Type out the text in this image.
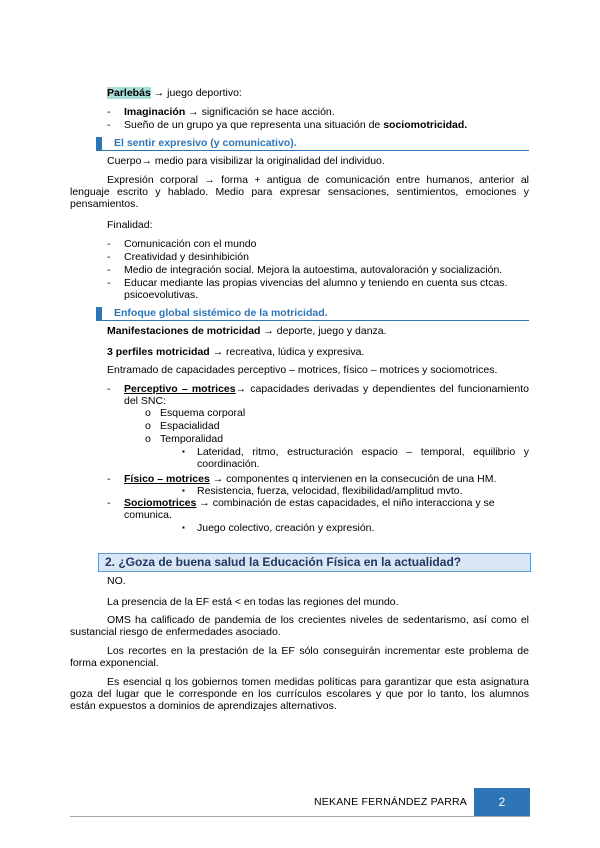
Parlebás → juego deportivo:
- Imaginación → significación se hace acción.
- Sueño de un grupo ya que representa una situación de sociomotricidad.
El sentir expresivo (y comunicativo).
Cuerpo→ medio para visibilizar la originalidad del individuo.
Expresión corporal → forma + antigua de comunicación entre humanos, anterior al lenguaje escrito y hablado. Medio para expresar sensaciones, sentimientos, emociones y pensamientos.
Finalidad:
- Comunicación con el mundo
- Creatividad y desinhibición
- Medio de integración social. Mejora la autoestima, autovaloración y socialización.
- Educar mediante las propias vivencias del alumno y teniendo en cuenta sus ctcas. psicoevolutivas.
Enfoque global sistémico de la motricidad.
Manifestaciones de motricidad → deporte, juego y danza.
3 perfiles motricidad → recreativa, lúdica y expresiva.
Entramado de capacidades perceptivo – motrices, físico – motrices y sociomotrices.
- Perceptivo – motrices→ capacidades derivadas y dependientes del funcionamiento del SNC:
o Esquema corporal
o Espacialidad
o Temporalidad
▪ Lateridad, ritmo, estructuración espacio – temporal, equilibrio y coordinación.
- Físico – motrices → componentes q intervienen en la consecución de una HM.
▪ Resistencia, fuerza, velocidad, flexibilidad/amplitud mvto.
- Sociomotrices → combinación de estas capacidades, el niño interacciona y se comunica.
▪ Juego colectivo, creación y expresión.
2. ¿Goza de buena salud la Educación Física en la actualidad?
NO.
La presencia de la EF está < en todas las regiones del mundo.
OMS ha calificado de pandemia de los crecientes niveles de sedentarismo, así como el sustancial riesgo de enfermedades asociado.
Los recortes en la prestación de la EF sólo conseguirán incrementar este problema de forma exponencial.
Es esencial q los gobiernos tomen medidas políticas para garantizar que esta asignatura goza del lugar que le corresponde en los currículos escolares y que por lo tanto, los alumnos están expuestos a dominios de aprendizajes alternativos.
NEKANE FERNÁNDEZ PARRA	2
